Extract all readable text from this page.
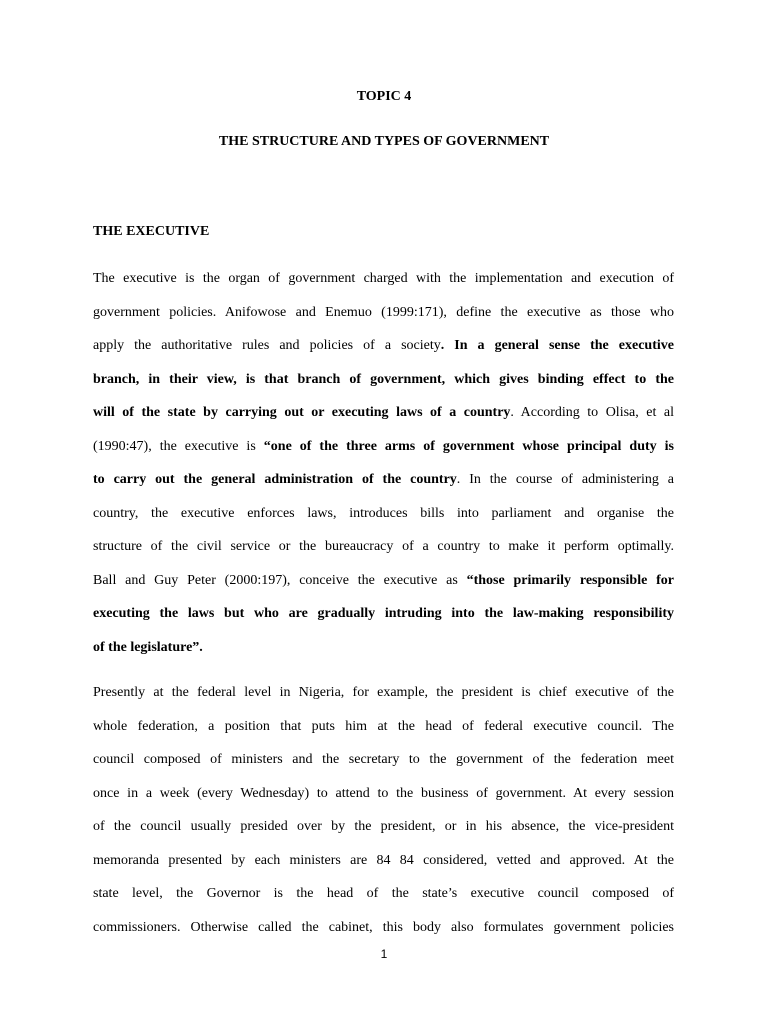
TOPIC 4
THE STRUCTURE AND TYPES OF GOVERNMENT
THE EXECUTIVE
The executive is the organ of government charged with the implementation and execution of
government policies. Anifowose and Enemuo (1999:171), define the executive as those who
apply the authoritative rules and policies of a society. In a general sense the executive
branch, in their view, is that branch of government, which gives binding effect to the
will of the state by carrying out or executing laws of a country. According to Olisa, et al
(1990:47), the executive is “one of the three arms of government whose principal duty is
to carry out the general administration of the country. In the course of administering a
country, the executive enforces laws, introduces bills into parliament and organise the
structure of the civil service or the bureaucracy of a country to make it perform optimally.
Ball and Guy Peter (2000:197), conceive the executive as “those primarily responsible for
executing the laws but who are gradually intruding into the law-making responsibility
of the legislature”.
Presently at the federal level in Nigeria, for example, the president is chief executive of the
whole federation, a position that puts him at the head of federal executive council. The
council composed of ministers and the secretary to the government of the federation meet
once in a week (every Wednesday) to attend to the business of government. At every session
of the council usually presided over by the president, or in his absence, the vice-president
memoranda presented by each ministers are 84 84 considered, vetted and approved. At the
state level, the Governor is the head of the state’s executive council composed of
commissioners. Otherwise called the cabinet, this body also formulates government policies
1
